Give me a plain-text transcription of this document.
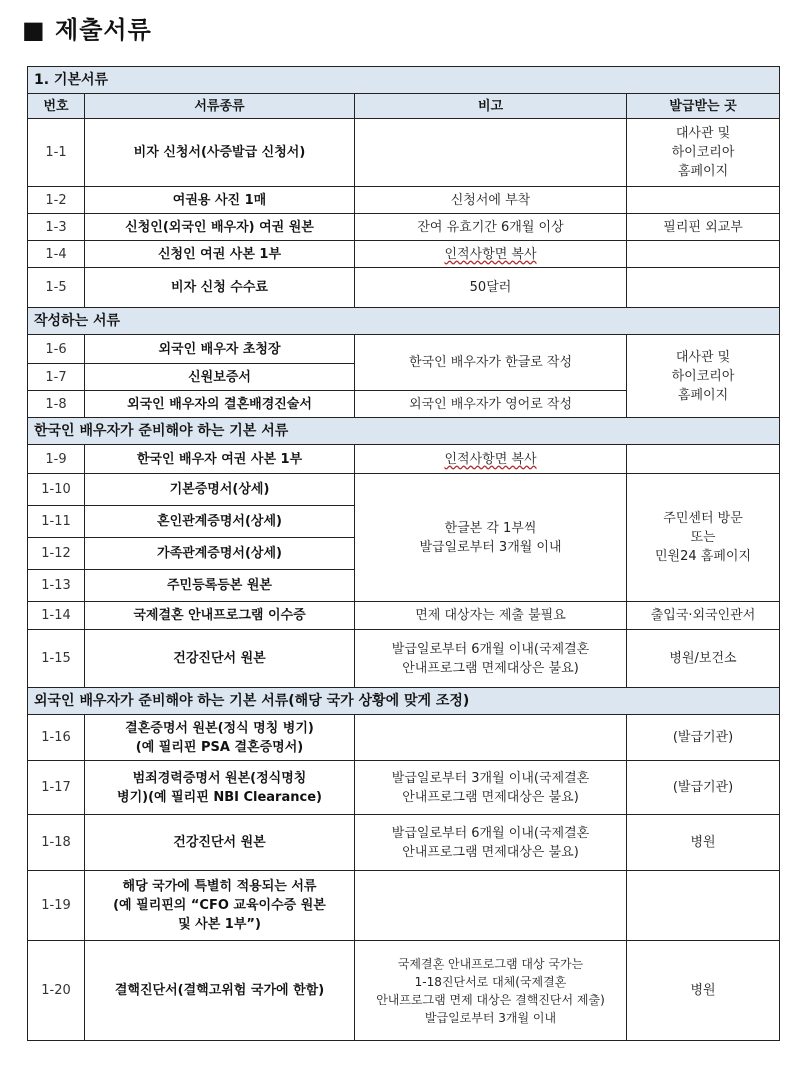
■ 제출서류
1. 기본서류			
번호	서류종류	비고	발급받는 곳
1-1	비자 신청서(사증발급 신청서)		대사관 및
하이코리아
홈페이지
1-2	여권용 사진 1매	신청서에 부착	
1-3	신청인(외국인 배우자) 여권 원본	잔여 유효기간 6개월 이상	필리핀 외교부
1-4	신청인 여권 사본 1부	인적사항면 복사	
1-5	비자 신청 수수료	50달러	
작성하는 서류			
1-6	외국인 배우자 초청장	한국인 배우자가 한글로 작성	대사관 및
하이코리아
홈페이지
1-7	신원보증서		
1-8	외국인 배우자의 결혼배경진술서	외국인 배우자가 영어로 작성	
한국인 배우자가 준비해야 하는 기본 서류			
1-9	한국인 배우자 여권 사본 1부	인적사항면 복사	
1-10	기본증명서(상세)	한글본 각 1부씩
발급일로부터 3개월 이내	주민센터 방문
또는
민원24 홈페이지
1-11	혼인관계증명서(상세)		
1-12	가족관계증명서(상세)		
1-13	주민등록등본 원본		
1-14	국제결혼 안내프로그램 이수증	면제 대상자는 제출 불필요	출입국·외국인관서
1-15	건강진단서 원본	발급일로부터 6개월 이내(국제결혼
안내프로그램 면제대상은 불요)	병원/보건소
외국인 배우자가 준비해야 하는 기본 서류(해당 국가 상황에 맞게 조정)			
1-16	결혼증명서 원본(정식 명칭 병기)
(예 필리핀 PSA 결혼증명서)		(발급기관)
1-17	범죄경력증명서 원본(정식명칭
병기)(예 필리핀 NBI Clearance)	발급일로부터 3개월 이내(국제결혼
안내프로그램 면제대상은 불요)	(발급기관)
1-18	건강진단서 원본	발급일로부터 6개월 이내(국제결혼
안내프로그램 면제대상은 불요)	병원
1-19	해당 국가에 특별히 적용되는 서류
(예 필리핀의 “CFO 교육이수증 원본
및 사본 1부”)		
1-20	결핵진단서(결핵고위험 국가에 한함)	국제결혼 안내프로그램 대상 국가는
1-18진단서로 대체(국제결혼
안내프로그램 면제 대상은 결핵진단서 제출)
발급일로부터 3개월 이내	병원
